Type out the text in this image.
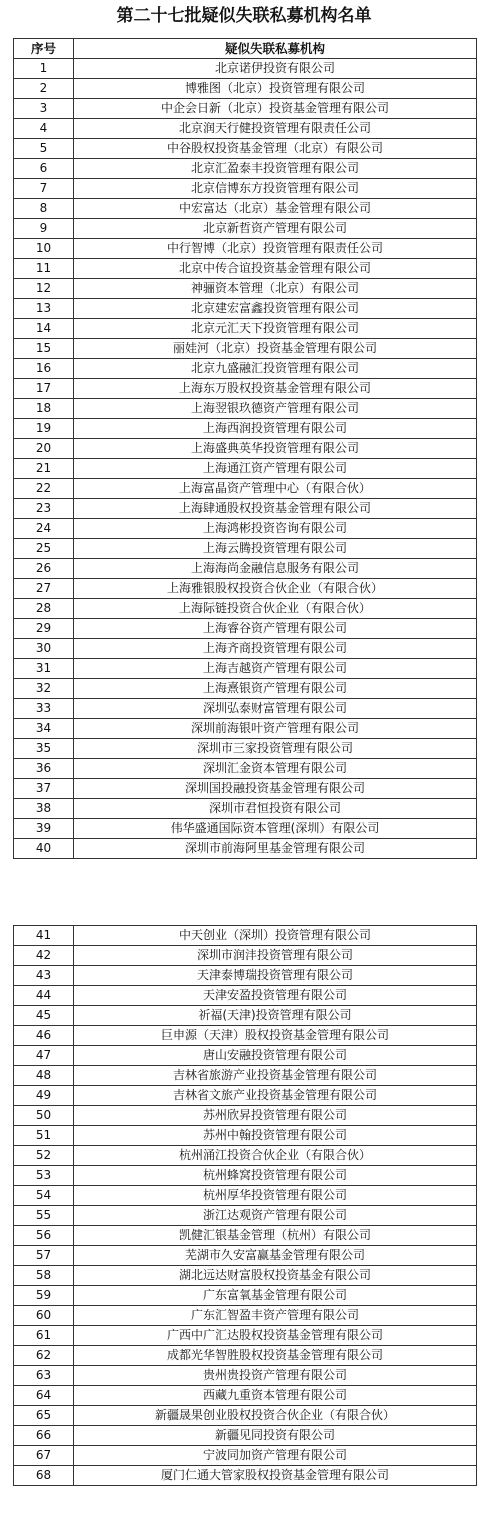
第二十七批疑似失联私募机构名单
序号	疑似失联私募机构
1	北京诺伊投资有限公司
2	博雅图（北京）投资管理有限公司
3	中企会日新（北京）投资基金管理有限公司
4	北京润天行健投资管理有限责任公司
5	中谷股权投资基金管理（北京）有限公司
6	北京汇盈泰丰投资管理有限公司
7	北京信博东方投资管理有限公司
8	中宏富达（北京）基金管理有限公司
9	北京新哲资产管理有限公司
10	中行智博（北京）投资管理有限责任公司
11	北京中传合谊投资基金管理有限公司
12	神骊资本管理（北京）有限公司
13	北京建宏富鑫投资管理有限公司
14	北京元汇天下投资管理有限公司
15	丽娃河（北京）投资基金管理有限公司
16	北京九盛融汇投资管理有限公司
17	上海东万股权投资基金管理有限公司
18	上海翌银玖德资产管理有限公司
19	上海西润投资管理有限公司
20	上海盛典英华投资管理有限公司
21	上海通江资产管理有限公司
22	上海富晶资产管理中心（有限合伙）
23	上海肆通股权投资基金管理有限公司
24	上海鸿彬投资咨询有限公司
25	上海云腾投资管理有限公司
26	上海海尚金融信息服务有限公司
27	上海雅银股权投资合伙企业（有限合伙）
28	上海际链投资合伙企业（有限合伙）
29	上海睿谷资产管理有限公司
30	上海齐商投资管理有限公司
31	上海吉越资产管理有限公司
32	上海熹银资产管理有限公司
33	深圳弘泰财富管理有限公司
34	深圳前海银叶资产管理有限公司
35	深圳市三家投资管理有限公司
36	深圳汇金资本管理有限公司
37	深圳国投融投资基金管理有限公司
38	深圳市君恒投资有限公司
39	伟华盛通国际资本管理(深圳）有限公司
40	深圳市前海阿里基金管理有限公司
41	中天创业（深圳）投资管理有限公司
42	深圳市润沣投资管理有限公司
43	天津泰博瑞投资管理有限公司
44	天津安盈投资管理有限公司
45	祈福(天津)投资管理有限公司
46	巨申源（天津）股权投资基金管理有限公司
47	唐山安融投资管理有限公司
48	吉林省旅游产业投资基金管理有限公司
49	吉林省文旅产业投资基金管理有限公司
50	苏州欣昇投资管理有限公司
51	苏州中翰投资管理有限公司
52	杭州涌江投资合伙企业（有限合伙）
53	杭州蜂窝投资管理有限公司
54	杭州厚华投资管理有限公司
55	浙江达观资产管理有限公司
56	凯健汇银基金管理（杭州）有限公司
57	芜湖市久安富赢基金管理有限公司
58	湖北远达财富股权投资基金有限公司
59	广东富氧基金管理有限公司
60	广东汇智盈丰资产管理有限公司
61	广西中广汇达股权投资基金管理有限公司
62	成都光华智胜股权投资基金管理有限公司
63	贵州贵投资产管理有限公司
64	西藏九重资本管理有限公司
65	新疆晟果创业股权投资合伙企业（有限合伙）
66	新疆见同投资有限公司
67	宁波同加资产管理有限公司
68	厦门仁通大管家股权投资基金管理有限公司
